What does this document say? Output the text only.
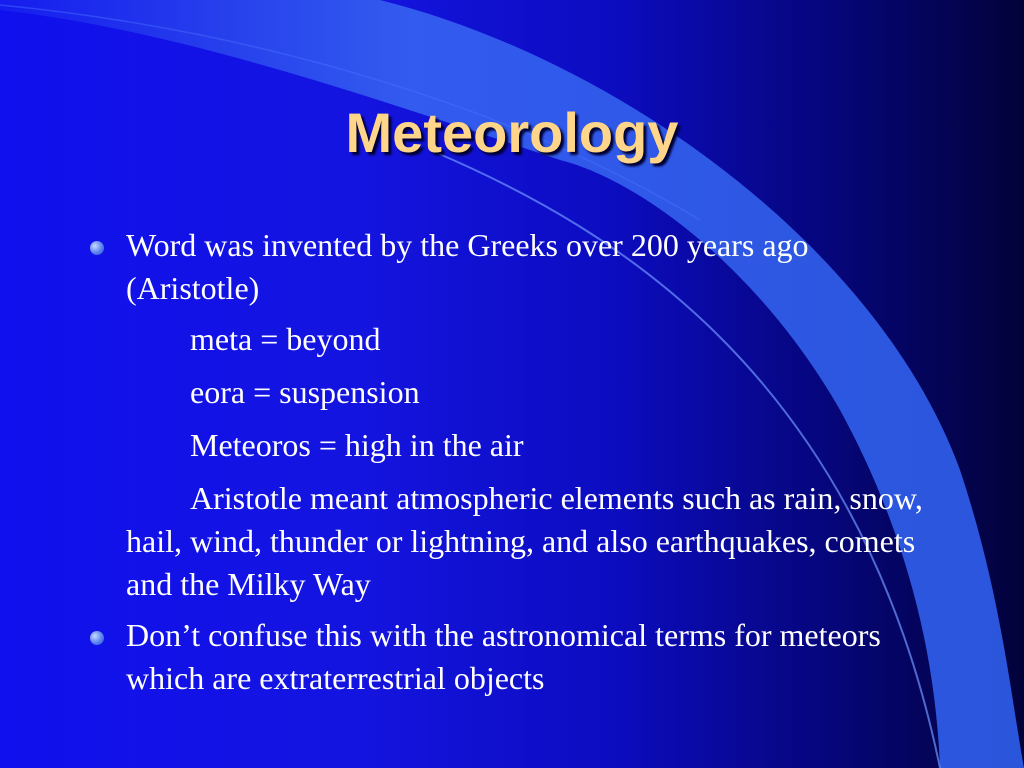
Meteorology
Word was invented by the Greeks over 200 years ago (Aristotle)
meta = beyond
eora = suspension
Meteoros = high in the air
Aristotle meant atmospheric elements such as rain, snow, hail, wind, thunder or lightning, and also earthquakes, comets and the Milky Way
Don’t confuse this with the astronomical terms for meteors which are extraterrestrial objects
